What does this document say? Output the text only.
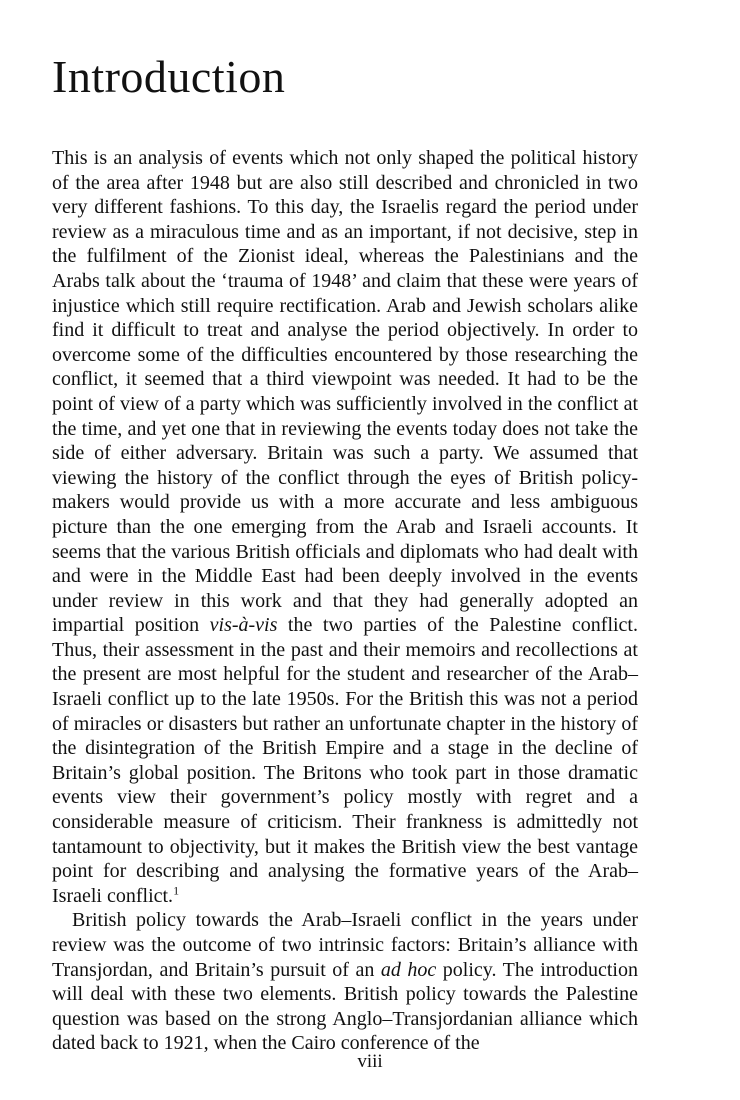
Introduction

This is an analysis of events which not only shaped the political history of the area after 1948 but are also still described and chronicled in two very different fashions. To this day, the Israelis regard the period under review as a miraculous time and as an important, if not decisive, step in the fulfilment of the Zionist ideal, whereas the Palestinians and the Arabs talk about the ‘trauma of 1948’ and claim that these were years of injustice which still require rectification. Arab and Jewish scholars alike find it difficult to treat and analyse the period objectively. In order to overcome some of the difficulties encountered by those researching the conflict, it seemed that a third viewpoint was needed. It had to be the point of view of a party which was sufficiently involved in the conflict at the time, and yet one that in reviewing the events today does not take the side of either adversary. Britain was such a party. We assumed that viewing the history of the conflict through the eyes of British policy-makers would provide us with a more accurate and less ambiguous picture than the one emerging from the Arab and Israeli accounts. It seems that the various British officials and diplomats who had dealt with and were in the Middle East had been deeply involved in the events under review in this work and that they had generally adopted an impartial position vis-à-vis the two parties of the Palestine conflict. Thus, their assessment in the past and their memoirs and recollections at the present are most helpful for the student and researcher of the Arab–Israeli conflict up to the late 1950s. For the British this was not a period of miracles or disasters but rather an unfortunate chapter in the history of the disintegration of the British Empire and a stage in the decline of Britain’s global position. The Britons who took part in those dramatic events view their government’s policy mostly with regret and a considerable measure of criticism. Their frankness is admittedly not tantamount to objectivity, but it makes the British view the best vantage point for describing and analysing the formative years of the Arab–Israeli conflict.$^1$

British policy towards the Arab–Israeli conflict in the years under review was the outcome of two intrinsic factors: Britain’s alliance with Transjordan, and Britain’s pursuit of an ad hoc policy. The introduction will deal with these two elements. British policy towards the Palestine question was based on the strong Anglo–Transjordanian alliance which dated back to 1921, when the Cairo conference of the

viii
